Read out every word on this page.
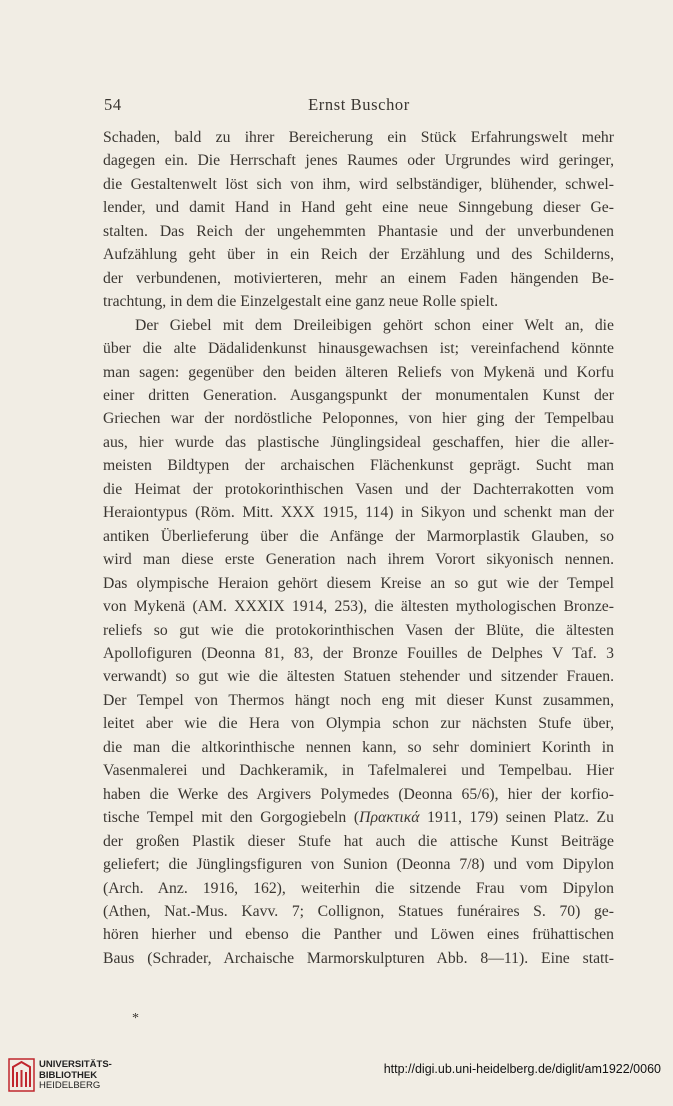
54	Ernst Buschor
Schaden, bald zu ihrer Bereicherung ein Stück Erfahrungswelt mehr
dagegen ein. Die Herrschaft jenes Raumes oder Urgrundes wird geringer,
die Gestaltenwelt löst sich von ihm, wird selbständiger, blühender, schwel-
lender, und damit Hand in Hand geht eine neue Sinngebung dieser Ge-
stalten. Das Reich der ungehemmten Phantasie und der unverbundenen
Aufzählung geht über in ein Reich der Erzählung und des Schilderns,
der verbundenen, motivierteren, mehr an einem Faden hängenden Be-
trachtung, in dem die Einzelgestalt eine ganz neue Rolle spielt.
Der Giebel mit dem Dreileibigen gehört schon einer Welt an, die
über die alte Dädalidenkunst hinausgewachsen ist; vereinfachend könnte
man sagen: gegenüber den beiden älteren Reliefs von Mykenä und Korfu
einer dritten Generation. Ausgangspunkt der monumentalen Kunst der
Griechen war der nordöstliche Peloponnes, von hier ging der Tempelbau
aus, hier wurde das plastische Jünglingsideal geschaffen, hier die aller-
meisten Bildtypen der archaischen Flächenkunst geprägt. Sucht man
die Heimat der protokorinthischen Vasen und der Dachterrakotten vom
Heraiontypus (Röm. Mitt. XXX 1915, 114) in Sikyon und schenkt man der
antiken Überlieferung über die Anfänge der Marmorplastik Glauben, so
wird man diese erste Generation nach ihrem Vorort sikyonisch nennen.
Das olympische Heraion gehört diesem Kreise an so gut wie der Tempel
von Mykenä (AM. XXXIX 1914, 253), die ältesten mythologischen Bronze-
reliefs so gut wie die protokorinthischen Vasen der Blüte, die ältesten
Apollofiguren (Deonna 81, 83, der Bronze Fouilles de Delphes V Taf. 3
verwandt) so gut wie die ältesten Statuen stehender und sitzender Frauen.
Der Tempel von Thermos hängt noch eng mit dieser Kunst zusammen,
leitet aber wie die Hera von Olympia schon zur nächsten Stufe über,
die man die altkorinthische nennen kann, so sehr dominiert Korinth in
Vasenmalerei und Dachkeramik, in Tafelmalerei und Tempelbau. Hier
haben die Werke des Argivers Polymedes (Deonna 65/6), hier der korfio-
tische Tempel mit den Gorgogiebeln (Πρακτικά 1911, 179) seinen Platz. Zu
der großen Plastik dieser Stufe hat auch die attische Kunst Beiträge
geliefert; die Jünglingsfiguren von Sunion (Deonna 7/8) und vom Dipylon
(Arch. Anz. 1916, 162), weiterhin die sitzende Frau vom Dipylon
(Athen, Nat.-Mus. Kavv. 7; Collignon, Statues funéraires S. 70) ge-
hören hierher und ebenso die Panther und Löwen eines frühattischen
Baus (Schrader, Archaische Marmorskulpturen Abb. 8—11). Eine statt-
*
UNIVERSITÄTS-
BIBLIOTHEK
HEIDELBERG
http://digi.ub.uni-heidelberg.de/diglit/am1922/0060
